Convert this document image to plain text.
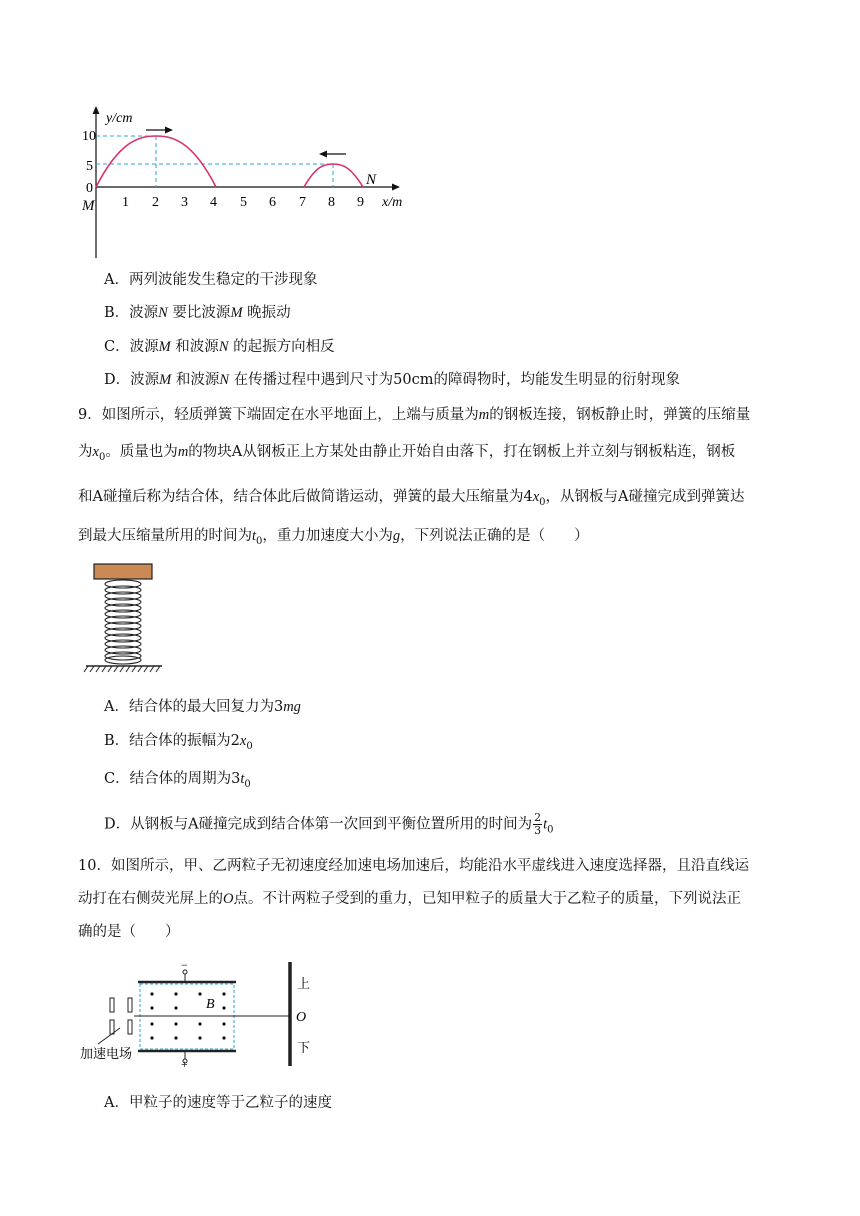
y/cm
x/m
10
5
0
1 2 3 4 5 6 7 8 9
M
N
A．两列波能发生稳定的干涉现象
B．波源N 要比波源M 晚振动
C．波源M 和波源N 的起振方向相反
D．波源M 和波源N 在传播过程中遇到尺寸为50cm的障碍物时，均能发生明显的衍射现象
9．如图所示，轻质弹簧下端固定在水平地面上，上端与质量为m的钢板连接，钢板静止时，弹簧的压缩量
为$x_0$。质量也为m的物块A从钢板正上方某处由静止开始自由落下，打在钢板上并立刻与钢板粘连，钢板
和A碰撞后称为结合体，结合体此后做简谐运动，弹簧的最大压缩量为$4x_0$，从钢板与A碰撞完成到弹簧达
到最大压缩量所用的时间为$t_0$，重力加速度大小为g，下列说法正确的是（　　）
A．结合体的最大回复力为3mg
B．结合体的振幅为$2x_0$
C．结合体的周期为$3t_0$
D．从钢板与A碰撞完成到结合体第一次回到平衡位置所用的时间为 $\frac{2}{3} t_0$
10．如图所示，甲、乙两粒子无初速度经加速电场加速后，均能沿水平虚线进入速度选择器，且沿直线运
动打在右侧荧光屏上的O点。不计两粒子受到的重力，已知甲粒子的质量大于乙粒子的质量，下列说法正
确的是（　　）
加速电场
−
+
B
上
O
下
A．甲粒子的速度等于乙粒子的速度
